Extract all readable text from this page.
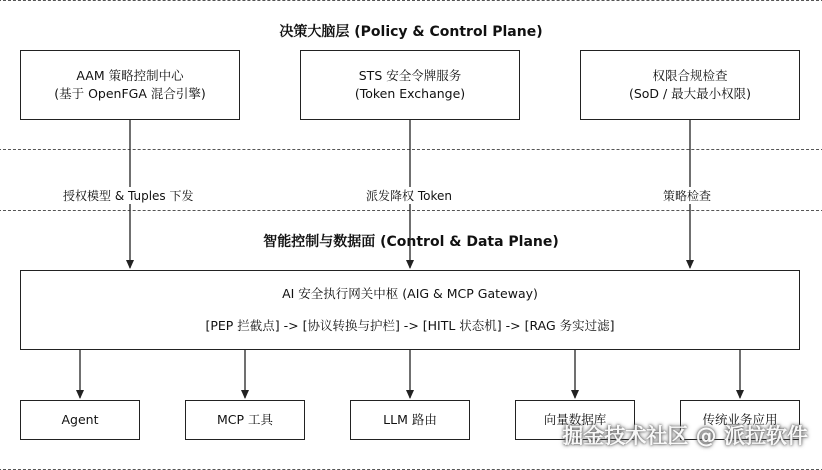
决策大脑层 (Policy & Control Plane)
AAM 策略控制中心
(基于 OpenFGA 混合引擎)
STS 安全令牌服务
(Token Exchange)
权限合规检查
(SoD / 最大最小权限)
智能控制与数据面 (Control & Data Plane)
AI 安全执行网关中枢 (AIG & MCP Gateway)
[PEP 拦截点] -> [协议转换与护栏] -> [HITL 状态机] -> [RAG 务实过滤]
Agent	MCP 工具	LLM 路由	向量数据库	传统业务应用
授权模型 & Tuples 下发	派发降权 Token	策略检查
掘金技术社区 @ 派拉软件
